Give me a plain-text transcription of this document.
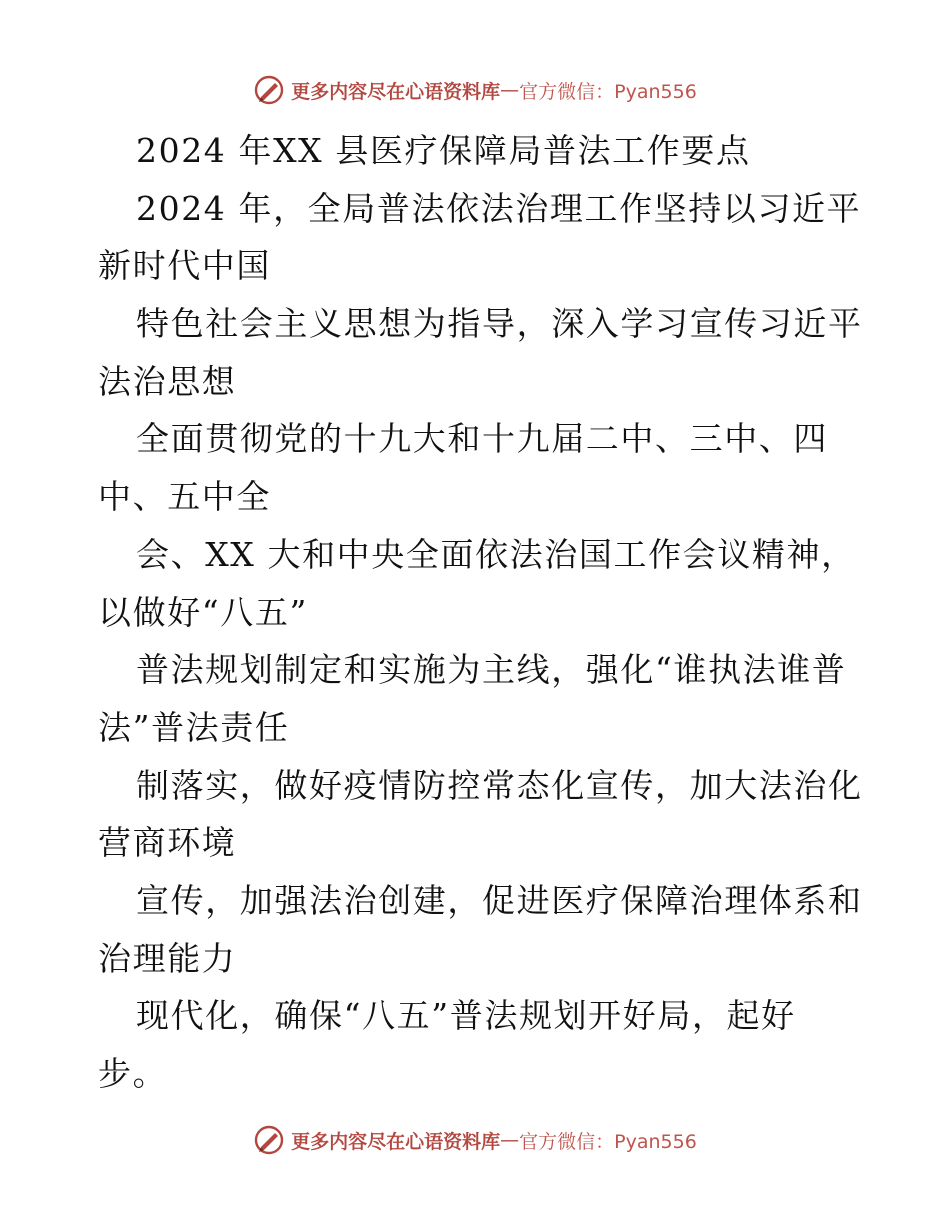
更多内容尽在心语资料库 — 官方微信：Pyan556
2024 年XX 县医疗保障局普法工作要点
2024 年，全局普法依法治理工作坚持以习近平
新时代中国
特色社会主义思想为指导，深入学习宣传习近平
法治思想
全面贯彻党的十九大和十九届二中、三中、四
中、五中全
会、XX 大和中央全面依法治国工作会议精神，
以做好“八五”
普法规划制定和实施为主线，强化“谁执法谁普
法”普法责任
制落实，做好疫情防控常态化宣传，加大法治化
营商环境
宣传，加强法治创建，促进医疗保障治理体系和
治理能力
现代化，确保“八五”普法规划开好局，起好
步。
更多内容尽在心语资料库 — 官方微信：Pyan556
